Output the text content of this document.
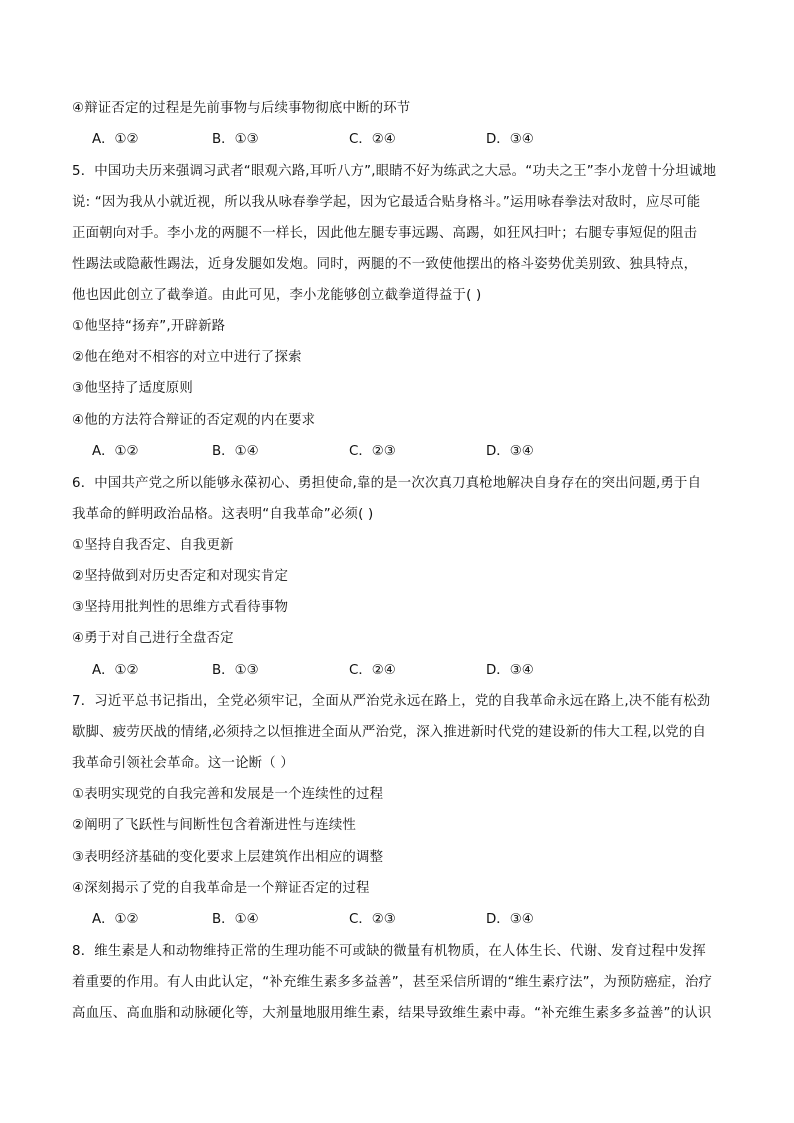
④辩证否定的过程是先前事物与后续事物彻底中断的环节
A．①②	B．①③	C．②④	D．③④
5．中国功夫历来强调习武者“眼观六路,耳听八方”,眼睛不好为练武之大忌。“功夫之王”李小龙曾十分坦诚地
说: “因为我从小就近视，所以我从咏春拳学起，因为它最适合贴身格斗。”运用咏春拳法对敌时，应尽可能
正面朝向对手。李小龙的两腿不一样长，因此他左腿专事远踢、高踢，如狂风扫叶；右腿专事短促的阻击
性踢法或隐蔽性踢法，近身发腿如发炮。同时，两腿的不一致使他摆出的格斗姿势优美别致、独具特点，
他也因此创立了截拳道。由此可见，李小龙能够创立截拳道得益于( )
①他坚持“扬弃”,开辟新路
②他在绝对不相容的对立中进行了探索
③他坚持了适度原则
④他的方法符合辩证的否定观的内在要求
A．①②	B．①④	C．②③	D．③④
6．中国共产党之所以能够永葆初心、勇担使命,靠的是一次次真刀真枪地解决自身存在的突出问题,勇于自
我革命的鲜明政治品格。这表明“自我革命”必须( )
①坚持自我否定、自我更新
②坚持做到对历史否定和对现实肯定
③坚持用批判性的思维方式看待事物
④勇于对自己进行全盘否定
A．①②	B．①③	C．②④	D．③④
7．习近平总书记指出，全党必须牢记，全面从严治党永远在路上，党的自我革命永远在路上,决不能有松劲
歇脚、疲劳厌战的情绪,必须持之以恒推进全面从严治党，深入推进新时代党的建设新的伟大工程,以党的自
我革命引领社会革命。这一论断（ ）
①表明实现党的自我完善和发展是一个连续性的过程
②阐明了飞跃性与间断性包含着渐进性与连续性
③表明经济基础的变化要求上层建筑作出相应的调整
④深刻揭示了党的自我革命是一个辩证否定的过程
A．①②	B．①④	C．②③	D．③④
8．维生素是人和动物维持正常的生理功能不可或缺的微量有机物质，在人体生长、代谢、发育过程中发挥
着重要的作用。有人由此认定，“补充维生素多多益善”，甚至采信所谓的“维生素疗法”，为预防癌症，治疗
高血压、高血脂和动脉硬化等，大剂量地服用维生素，结果导致维生素中毒。“补充维生素多多益善”的认识
